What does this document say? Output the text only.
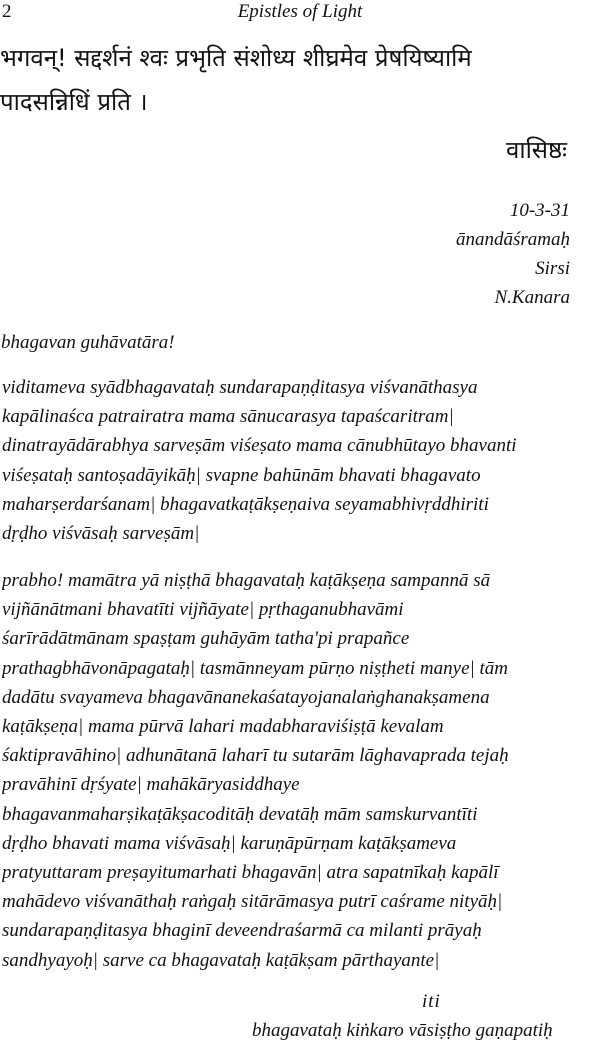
2	Epistles of Light
भगवन्! सद्दर्शनं श्वः प्रभृति संशोध्य शीघ्रमेव प्रेषयिष्यामि
पादसन्निधिं प्रति ।
वासिष्ठः
10-3-31
ānandāśramaḥ
Sirsi
N.Kanara
bhagavan guhāvatāra!
viditameva syādbhagavataḥ sundarapaṇḍitasya viśvanāthasya
kapālinaśca patrairatra mama sānucarasya tapaścaritram|
dinatrayādārabhya sarveṣām viśeṣato mama cānubhūtayo bhavanti
viśeṣataḥ santoṣadāyikāḥ| svapne bahūnām bhavati bhagavato
maharṣerdarśanam| bhagavatkaṭākṣeṇaiva seyamabhivṛddhiriti
dṛḍho viśvāsaḥ sarveṣām|
prabho! mamātra yā niṣṭhā bhagavataḥ kaṭākṣeṇa sampannā sā
vijñānātmani bhavatīti vijñāyate| pṛthaganubhavāmi
śarīrādātmānam spaṣṭam guhāyām tatha'pi prapañce
prathagbhāvonāpagataḥ| tasmānneyam pūrṇo niṣṭheti manye| tām
dadātu svayameva bhagavānanekaśatayojanalaṅghanakṣamena
kaṭākṣeṇa| mama pūrvā lahari madabharaviśiṣṭā kevalam
śaktipravāhino| adhunātanā laharī tu sutarām lāghavaprada tejaḥ
pravāhinī dṛśyate| mahākāryasiddhaye
bhagavanmaharṣikaṭākṣacoditāḥ devatāḥ mām samskurvantīti
dṛḍho bhavati mama viśvāsaḥ| karuṇāpūrṇam kaṭākṣameva
pratyuttaram preṣayitumarhati bhagavān| atra sapatnīkaḥ kapālī
mahādevo viśvanāthaḥ raṅgaḥ sitārāmasya putrī caśrame nityāḥ|
sundarapaṇḍitasya bhaginī deveendraśarmā ca milanti prāyaḥ
sandhyayoḥ| sarve ca bhagavataḥ kaṭākṣam pārthayante|
iti
bhagavataḥ kiṅkaro vāsiṣṭho gaṇapatiḥ
